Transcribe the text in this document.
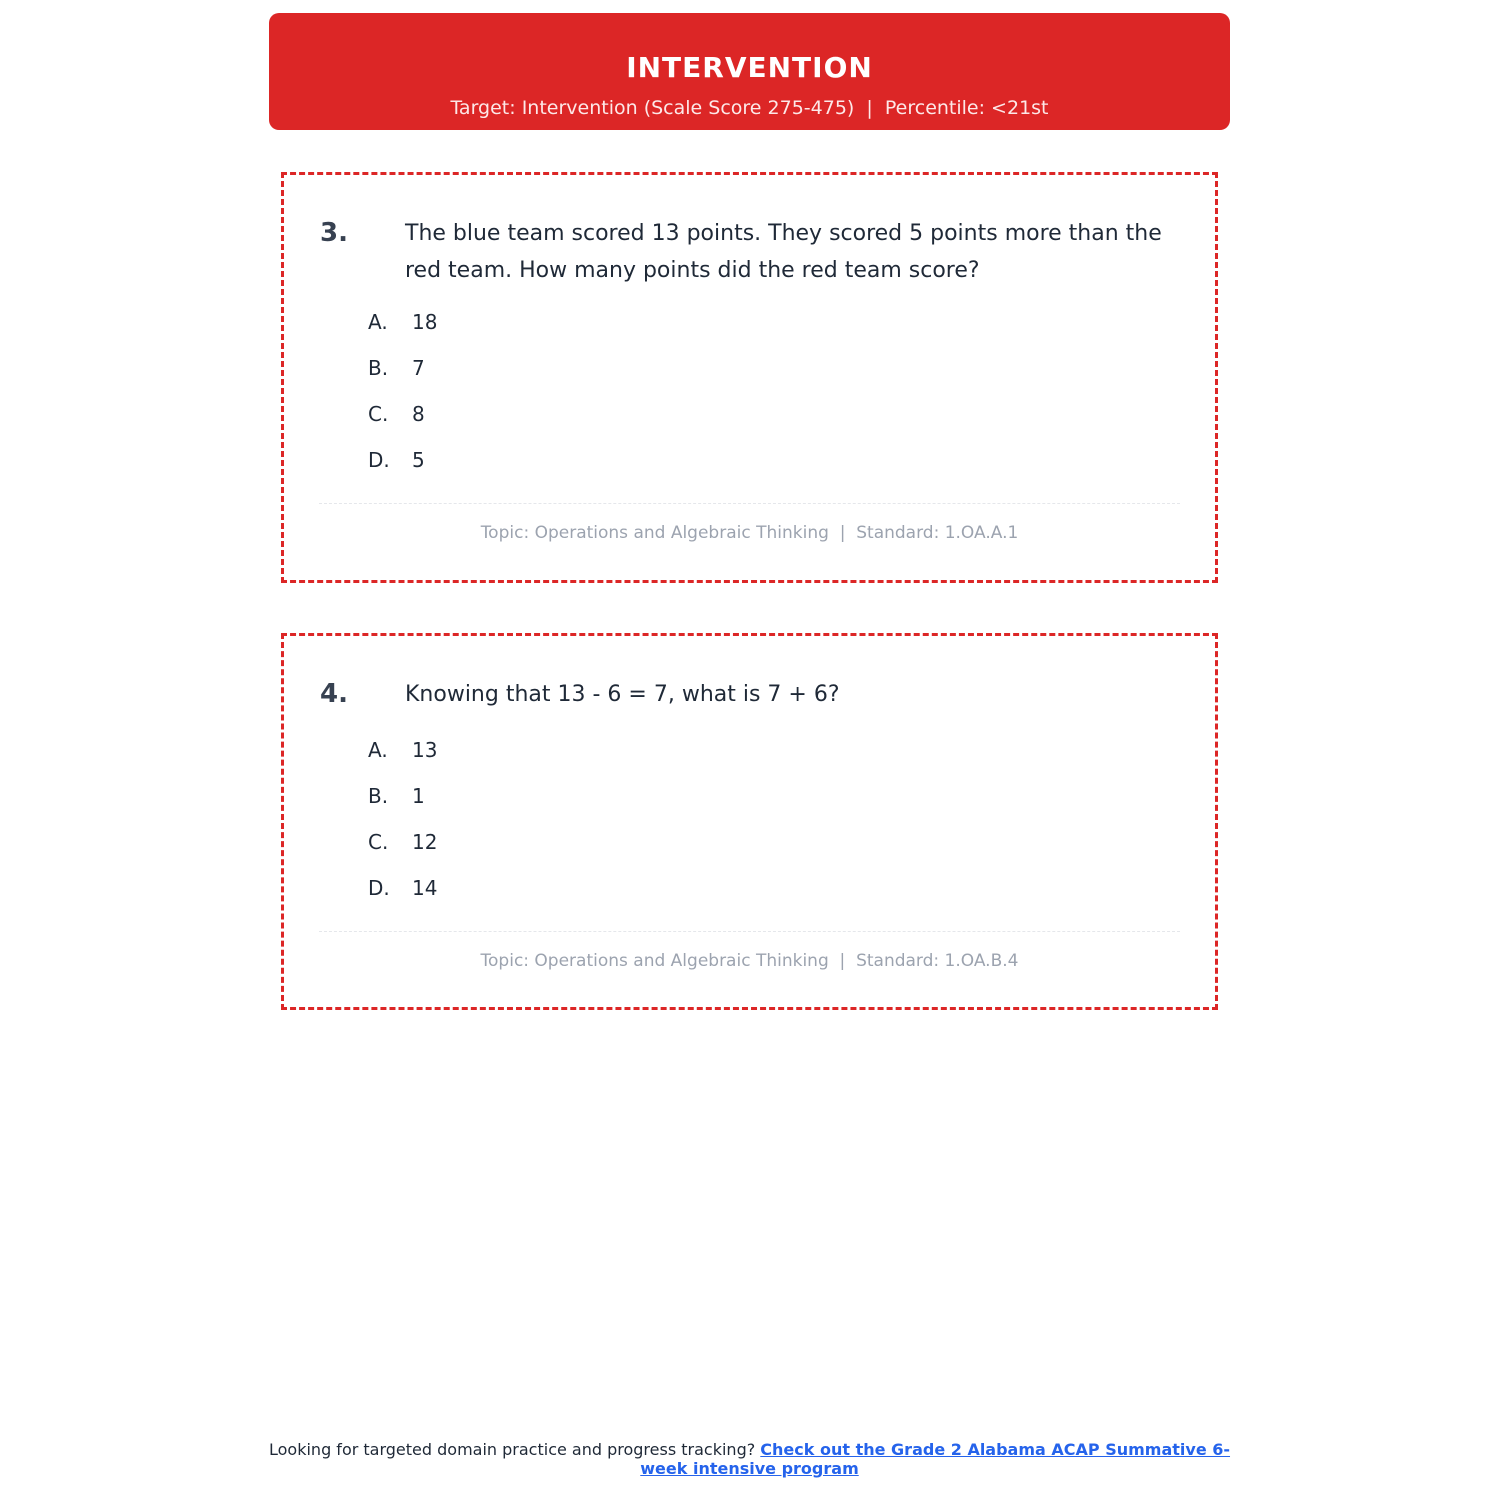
INTERVENTION
Target: Intervention (Scale Score 275-475)  |  Percentile: <21st
3.	The blue team scored 13 points. They scored 5 points more than the red team. How many points did the red team score?
A.	18
B.	7
C.	8
D.	5
Topic: Operations and Algebraic Thinking  |  Standard: 1.OA.A.1
4.	Knowing that 13 - 6 = 7, what is 7 + 6?
A.	13
B.	1
C.	12
D.	14
Topic: Operations and Algebraic Thinking  |  Standard: 1.OA.B.4
Looking for targeted domain practice and progress tracking? Check out the Grade 2 Alabama ACAP Summative 6-week intensive program
